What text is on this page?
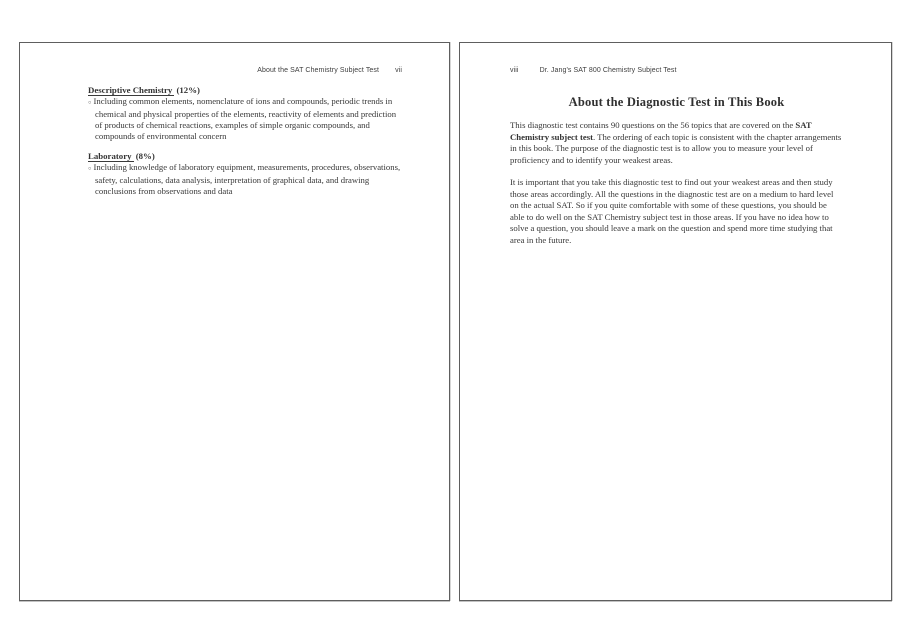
About the SAT Chemistry Subject Test vii
Descriptive Chemistry (12%)
○ Including common elements, nomenclature of ions and compounds, periodic trends in chemical and physical properties of the elements, reactivity of elements and prediction of products of chemical reactions, examples of simple organic compounds, and compounds of environmental concern
Laboratory (8%)
○ Including knowledge of laboratory equipment, measurements, procedures, observations, safety, calculations, data analysis, interpretation of graphical data, and drawing conclusions from observations and data
viii	Dr. Jang's SAT 800 Chemistry Subject Test
About the Diagnostic Test in This Book

This diagnostic test contains 90 questions on the 56 topics that are covered on the SAT Chemistry subject test. The ordering of each topic is consistent with the chapter arrangements in this book. The purpose of the diagnostic test is to allow you to measure your level of proficiency and to identify your weakest areas.

It is important that you take this diagnostic test to find out your weakest areas and then study those areas accordingly. All the questions in the diagnostic test are on a medium to hard level on the actual SAT. So if you quite comfortable with some of these questions, you should be able to do well on the SAT Chemistry subject test in those areas. If you have no idea how to solve a question, you should leave a mark on the question and spend more time studying that area in the future.
